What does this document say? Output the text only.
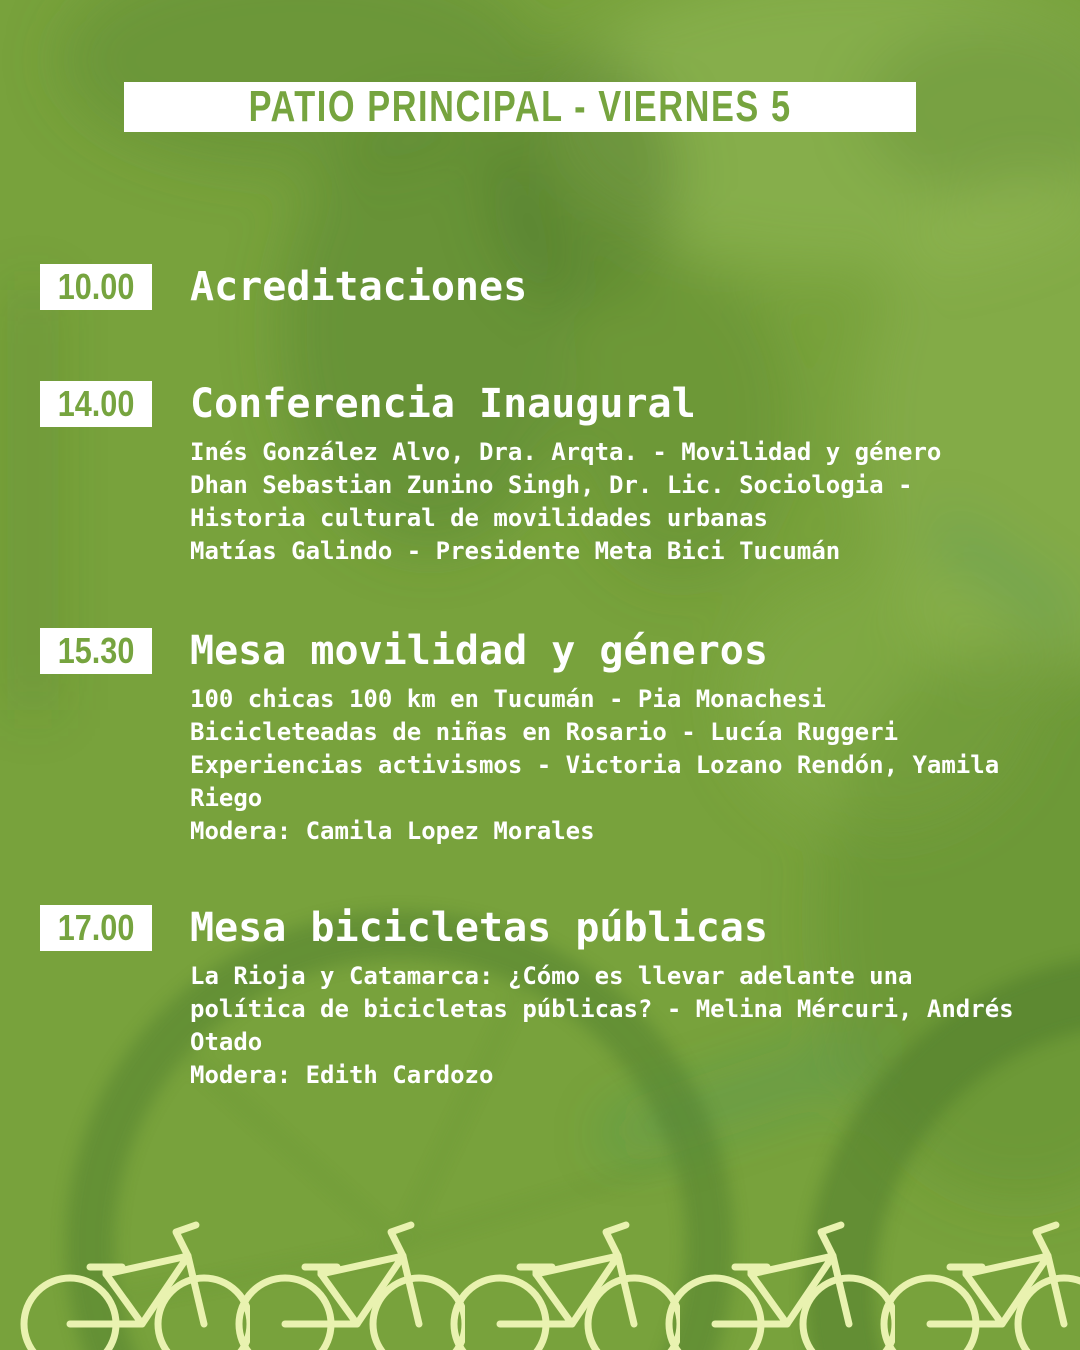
PATIO PRINCIPAL - VIERNES 5
10.00 Acreditaciones
14.00 Conferencia Inaugural
Inés González Alvo, Dra. Arqta. - Movilidad y género
Dhan Sebastian Zunino Singh, Dr. Lic. Sociologia - Historia cultural de movilidades urbanas
Matías Galindo - Presidente Meta Bici Tucumán
15.30 Mesa movilidad y géneros
100 chicas 100 km en Tucumán - Pia Monachesi
Bicicleteadas de niñas en Rosario - Lucía Ruggeri
Experiencias activismos - Victoria Lozano Rendón, Yamila Riego
Modera: Camila Lopez Morales
17.00 Mesa bicicletas públicas
La Rioja y Catamarca: ¿Cómo es llevar adelante una política de bicicletas públicas? - Melina Mércuri, Andrés Otado
Modera: Edith Cardozo
